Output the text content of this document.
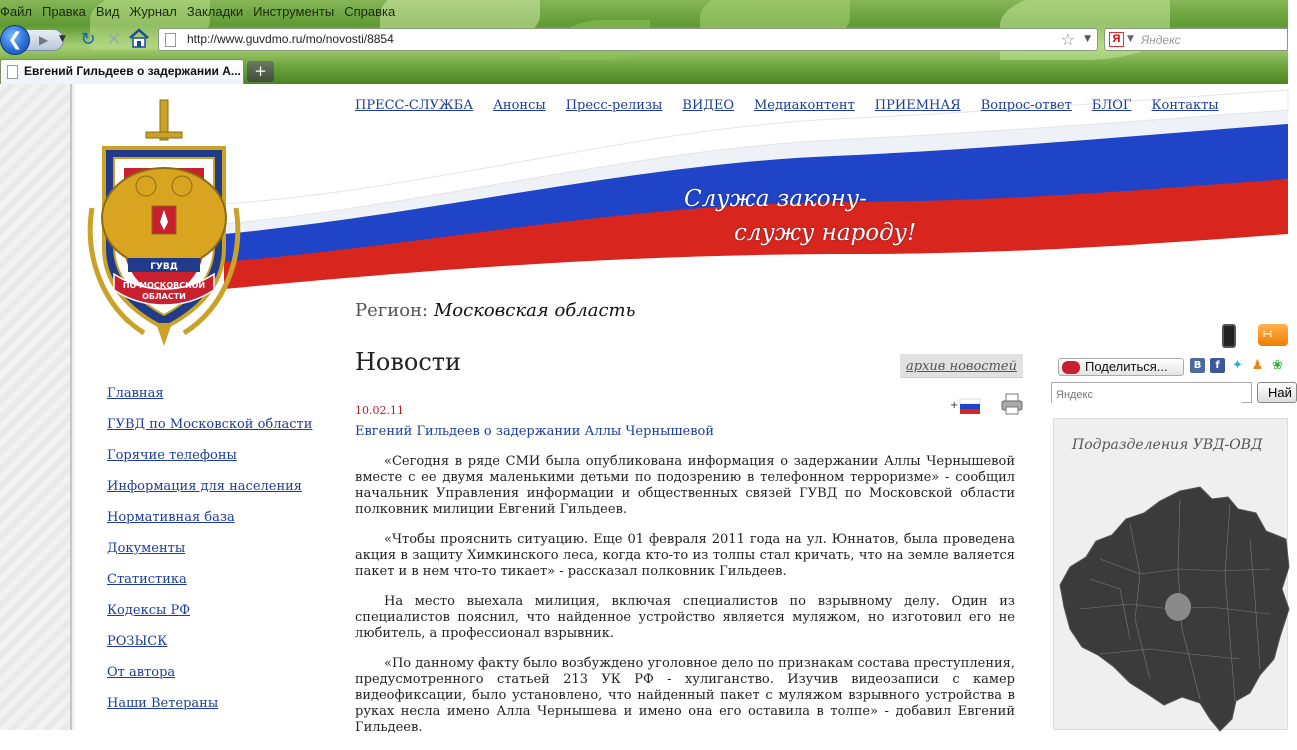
Файл Правка Вид Журнал Закладки Инструменты Справка
▶	▼
❮	↻ ✕	http://www.guvdmo.ru/mo/novosti/8854	☆ ▼	Я ▼ Яндекс
Евгений Гильдеев о задержании А... +
ПРЕСС-СЛУЖБА Анонсы Пресс-релизы ВИДЕО Медиаконтент ПРИЕМНАЯ Вопрос-ответ БЛОГ Контакты
Служа закону-
служу народу!
ГУВД
ПО МОСКОВСКОЙ
ОБЛАСТИ
Регион: Московская область
Главная
ГУВД по Московской области
Горячие телефоны
Информация для населения
Нормативная база
Документы
Статистика
Кодексы РФ
РОЗЫСК
От автора
Наши Ветераны
Новости	архив новостей
10.02.11	+
Евгений Гильдеев о задержании Аллы Чернышевой

«Сегодня в ряде СМИ была опубликована информация о задержании Аллы Чернышевой вместе с ее двумя маленькими детьми по подозрению в телефонном терроризме» - сообщил начальник Управления информации и общественных связей ГУВД по Московской области полковник милиции Евгений Гильдеев.

«Чтобы прояснить ситуацию. Еще 01 февраля 2011 года на ул. Юннатов, была проведена акция в защиту Химкинского леса, когда кто-то из толпы стал кричать, что на земле валяется пакет и в нем что-то тикает» - рассказал полковник Гильдеев.

На место выехала милиция, включая специалистов по взрывному делу. Один из специалистов пояснил, что найденное устройство является муляжом, но изготовил его не любитель, а профессионал взрывник.

«По данному факту было возбуждено уголовное дело по признакам состава преступления, предусмотренного статьей 213 УК РФ - хулиганство. Изучив видеозаписи с камер видеофиксации, было установлено, что найденный пакет с муляжом взрывного устройства в руках несла имено Алла Чернышева и имено она его оставила в толпе» - добавил Евгений Гильдеев.

∺
Поделиться...	В	f ✦ ♟ ❀
Яндекс
Най
Подразделения УВД-ОВД
